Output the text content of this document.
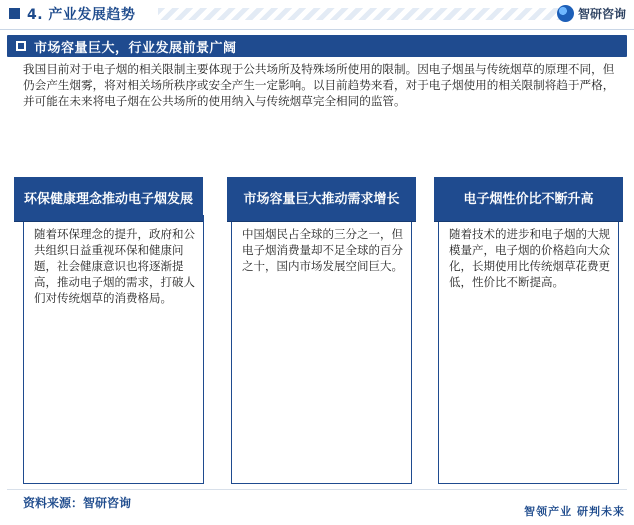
4. 产业发展趋势	智研咨询
市场容量巨大，行业发展前景广阔

我国目前对于电子烟的相关限制主要体现于公共场所及特殊场所使用的限制。因电子烟虽与传统烟草的原理不同，但仍会产生烟雾，将对相关场所秩序或安全产生一定影响。以目前趋势来看，对于电子烟使用的相关限制将趋于严格，并可能在未来将电子烟在公共场所的使用纳入与传统烟草完全相同的监管。

随着环保理念的提升，政府和公共组织日益重视环保和健康问题，社会健康意识也将逐渐提高，推动电子烟的需求，打破人们对传统烟草的消费格局。

中国烟民占全球的三分之一，但电子烟消费量却不足全球的百分之十，国内市场发展空间巨大。

随着技术的进步和电子烟的大规模量产，电子烟的价格趋向大众化，长期使用比传统烟草花费更低，性价比不断提高。

环保健康理念推动电子烟发展	市场容量巨大推动需求增长	电子烟性价比不断升高
资料来源：智研咨询
智领产业 研判未来
